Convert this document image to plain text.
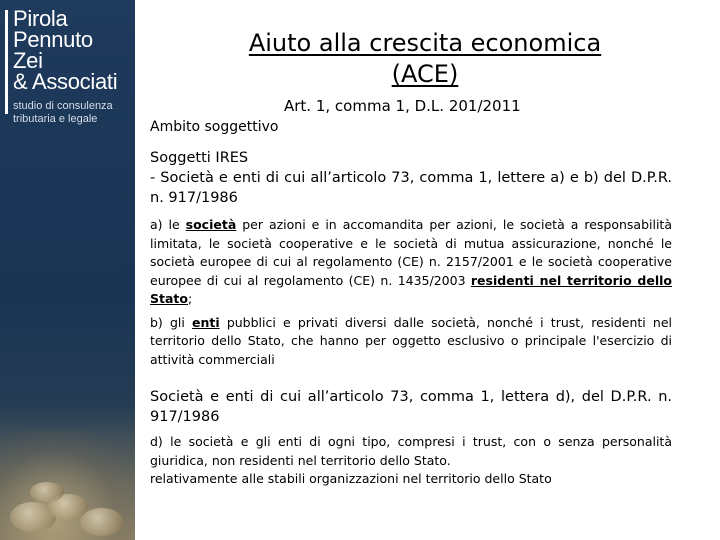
Pirola
Pennuto
Zei
& Associati
studio di consulenza
tributaria e legale
Aiuto alla crescita economica
(ACE)
Art. 1, comma 1, D.L. 201/2011
Ambito soggettivo

Soggetti IRES

- Società e enti di cui all’articolo 73, comma 1, lettere a) e b) del D.P.R. n. 917/1986

a) le società per azioni e in accomandita per azioni, le società a responsabilità limitata, le società cooperative e le società di mutua assicurazione, nonché le società europee di cui al regolamento (CE) n. 2157/2001 e le società cooperative europee di cui al regolamento (CE) n. 1435/2003 residenti nel territorio dello Stato;

b) gli enti pubblici e privati diversi dalle società, nonché i trust, residenti nel territorio dello Stato, che hanno per oggetto esclusivo o principale l'esercizio di attività commerciali

Società e enti di cui all’articolo 73, comma 1, lettera d), del D.P.R. n. 917/1986

d) le società e gli enti di ogni tipo, compresi i trust, con o senza personalità giuridica, non residenti nel territorio dello Stato.

relativamente alle stabili organizzazioni nel territorio dello Stato
